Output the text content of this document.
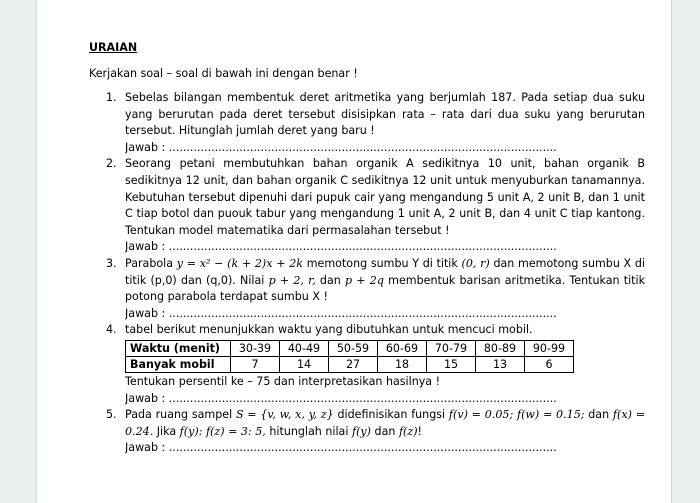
URAIAN
Kerjakan soal – soal di bawah ini dengan benar !
1. Sebelas bilangan membentuk deret aritmetika yang berjumlah 187. Pada setiap dua suku yang berurutan pada deret tersebut disisipkan rata – rata dari dua suku yang berurutan tersebut. Hitunglah jumlah deret yang baru !
Jawab : ..............................................................................................................
2. Seorang petani membutuhkan bahan organik A sedikitnya 10 unit, bahan organik B sedikitnya 12 unit, dan bahan organik C sedikitnya 12 unit untuk menyuburkan tanamannya. Kebutuhan tersebut dipenuhi dari pupuk cair yang mengandung 5 unit A, 2 unit B, dan 1 unit C tiap botol dan puouk tabur yang mengandung 1 unit A, 2 unit B, dan 4 unit C tiap kantong. Tentukan model matematika dari permasalahan tersebut !
Jawab : ..............................................................................................................
3. Parabola y = x² − (k + 2)x + 2k memotong sumbu Y di titik (0, r) dan memotong sumbu X di titik (p,0) dan (q,0). Nilai p + 2, r, dan p + 2q membentuk barisan aritmetika. Tentukan titik potong parabola terdapat sumbu X !
Jawab : ..............................................................................................................
4. tabel berikut menunjukkan waktu yang dibutuhkan untuk mencuci mobil.
Waktu (menit)	30-39	40-49	50-59	60-69	70-79	80-89	90-99
Banyak mobil	7	14	27	18	15	13	6
Tentukan persentil ke – 75 dan interpretasikan hasilnya !
Jawab : ..............................................................................................................
5. Pada ruang sampel S = {v, w, x, y, z} didefinisikan fungsi f(v) = 0.05; f(w) = 0.15; dan f(x) = 0.24. Jika f(y): f(z) = 3: 5, hitunglah nilai f(y) dan f(z)!
Jawab : ..............................................................................................................
